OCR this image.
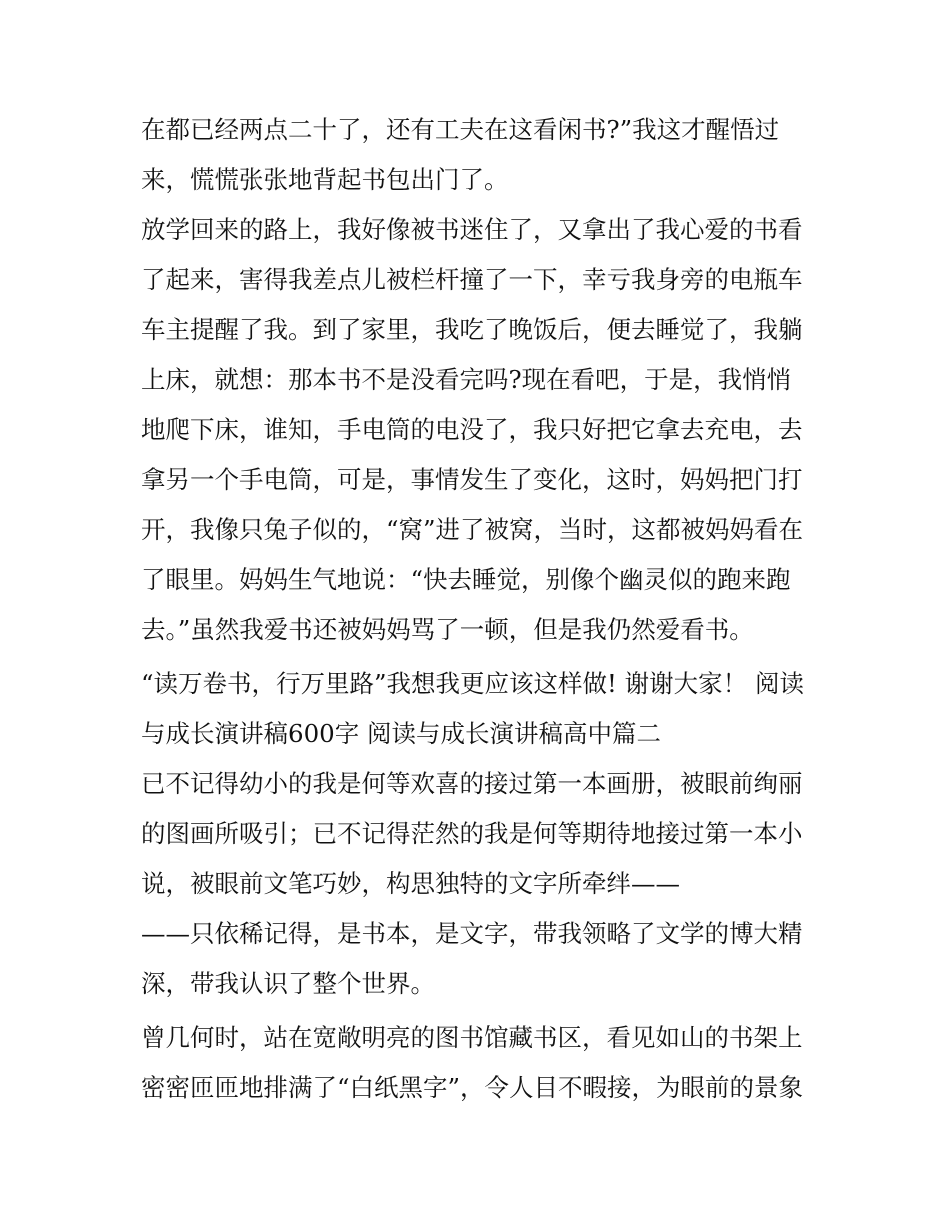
在都已经两点二十了，还有工夫在这看闲书?”我这才醒悟过

来，慌慌张张地背起书包出门了。

放学回来的路上，我好像被书迷住了，又拿出了我心爱的书看

了起来，害得我差点儿被栏杆撞了一下，幸亏我身旁的电瓶车

车主提醒了我。到了家里，我吃了晚饭后，便去睡觉了，我躺

上床，就想：那本书不是没看完吗?现在看吧，于是，我悄悄

地爬下床，谁知，手电筒的电没了，我只好把它拿去充电，去

拿另一个手电筒，可是，事情发生了变化，这时，妈妈把门打

开，我像只兔子似的，“窝”进了被窝，当时，这都被妈妈看在

了眼里。妈妈生气地说：“快去睡觉，别像个幽灵似的跑来跑

去。”虽然我爱书还被妈妈骂了一顿，但是我仍然爱看书。

“读万卷书，行万里路”我想我更应该这样做! 谢谢大家！ 阅读

与成长演讲稿600字 阅读与成长演讲稿高中篇二

已不记得幼小的我是何等欢喜的接过第一本画册，被眼前绚丽

的图画所吸引；已不记得茫然的我是何等期待地接过第一本小

说，被眼前文笔巧妙，构思独特的文字所牵绊——

——只依稀记得，是书本，是文字，带我领略了文学的博大精

深，带我认识了整个世界。

曾几何时，站在宽敞明亮的图书馆藏书区，看见如山的书架上

密密匝匝地排满了“白纸黑字”，令人目不暇接，为眼前的景象
